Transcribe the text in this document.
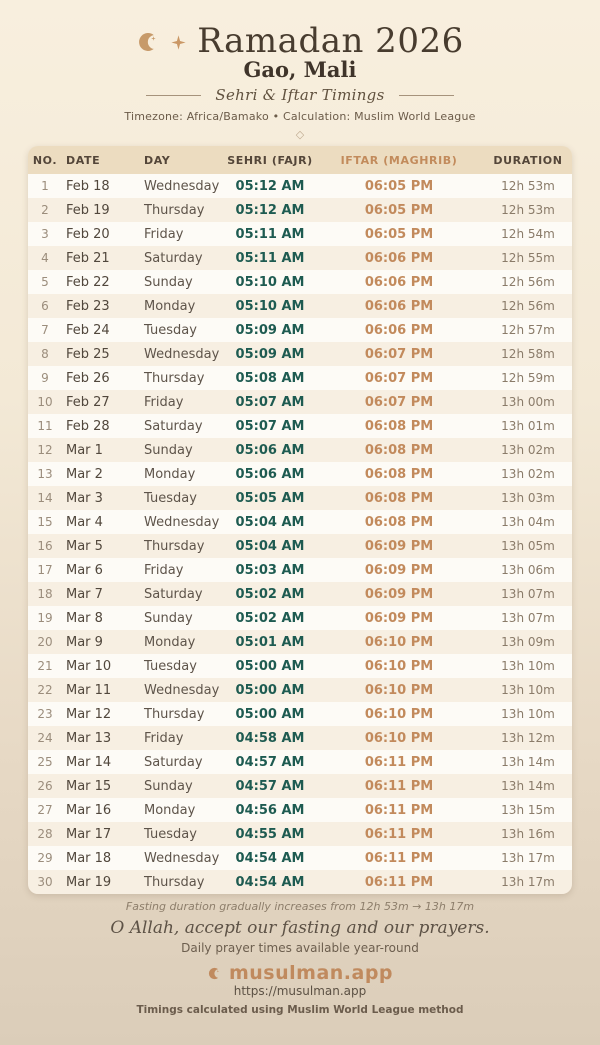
Ramadan 2026
Gao, Mali
Sehri & Iftar Timings
Timezone: Africa/Bamako • Calculation: Muslim World League
◇
NO.	DATE	DAY	SEHRI (FAJR)	IFTAR (MAGHRIB)	DURATION
1	Feb 18	Wednesday	05:12 AM	06:05 PM	12h 53m
2	Feb 19	Thursday	05:12 AM	06:05 PM	12h 53m
3	Feb 20	Friday	05:11 AM	06:05 PM	12h 54m
4	Feb 21	Saturday	05:11 AM	06:06 PM	12h 55m
5	Feb 22	Sunday	05:10 AM	06:06 PM	12h 56m
6	Feb 23	Monday	05:10 AM	06:06 PM	12h 56m
7	Feb 24	Tuesday	05:09 AM	06:06 PM	12h 57m
8	Feb 25	Wednesday	05:09 AM	06:07 PM	12h 58m
9	Feb 26	Thursday	05:08 AM	06:07 PM	12h 59m
10	Feb 27	Friday	05:07 AM	06:07 PM	13h 00m
11	Feb 28	Saturday	05:07 AM	06:08 PM	13h 01m
12	Mar 1	Sunday	05:06 AM	06:08 PM	13h 02m
13	Mar 2	Monday	05:06 AM	06:08 PM	13h 02m
14	Mar 3	Tuesday	05:05 AM	06:08 PM	13h 03m
15	Mar 4	Wednesday	05:04 AM	06:08 PM	13h 04m
16	Mar 5	Thursday	05:04 AM	06:09 PM	13h 05m
17	Mar 6	Friday	05:03 AM	06:09 PM	13h 06m
18	Mar 7	Saturday	05:02 AM	06:09 PM	13h 07m
19	Mar 8	Sunday	05:02 AM	06:09 PM	13h 07m
20	Mar 9	Monday	05:01 AM	06:10 PM	13h 09m
21	Mar 10	Tuesday	05:00 AM	06:10 PM	13h 10m
22	Mar 11	Wednesday	05:00 AM	06:10 PM	13h 10m
23	Mar 12	Thursday	05:00 AM	06:10 PM	13h 10m
24	Mar 13	Friday	04:58 AM	06:10 PM	13h 12m
25	Mar 14	Saturday	04:57 AM	06:11 PM	13h 14m
26	Mar 15	Sunday	04:57 AM	06:11 PM	13h 14m
27	Mar 16	Monday	04:56 AM	06:11 PM	13h 15m
28	Mar 17	Tuesday	04:55 AM	06:11 PM	13h 16m
29	Mar 18	Wednesday	04:54 AM	06:11 PM	13h 17m
30	Mar 19	Thursday	04:54 AM	06:11 PM	13h 17m
Fasting duration gradually increases from 12h 53m → 13h 17m
O Allah, accept our fasting and our prayers.
Daily prayer times available year-round
musulman.app
https://musulman.app
Timings calculated using Muslim World League method
